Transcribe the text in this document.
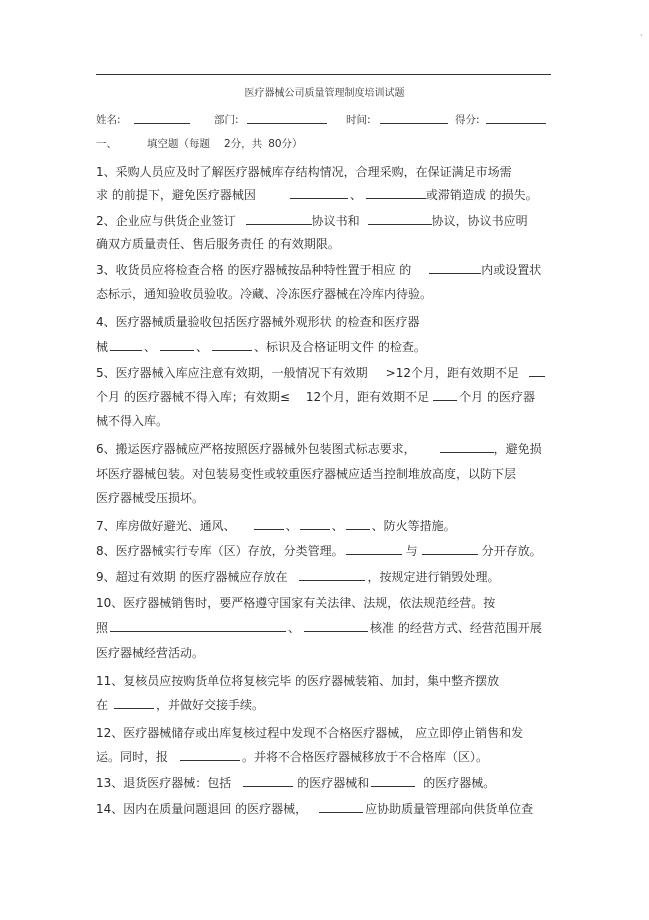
·
医疗器械公司质量管理制度培训试题
姓名:	部门:	时间:	得分:
一、	填空题（每题 2分，共 80分）
1、采购人员应及时了解医疗器械库存结构情况，合理采购，在保证满足市场需
求 的前提下，避免医疗器械因	、	或滞销造成 的损失。
2、企业应与供货企业签订	协议书和	协议，协议书应明
确双方质量责任、售后服务责任 的有效期限。
3、收货员应将检查合格 的医疗器械按品种特性置于相应 的	内或设置状
态标示，通知验收员验收。冷藏、冷冻医疗器械在冷库内待验。
4、医疗器械质量验收包括医疗器械外观形状 的检查和医疗器
械	、	、	、标识及合格证明文件 的检查。
5、医疗器械入库应注意有效期，一般情况下有效期 >12个月，距有效期不足
个月 的医疗器械不得入库；有效期≤ 12个月，距有效期不足	个月 的医疗器
械不得入库。
6、搬运医疗器械应严格按照医疗器械外包装图式标志要求，	，避免损
坏医疗器械包装。对包装易变性或较重医疗器械应适当控制堆放高度，以防下层
医疗器械受压损坏。
7、库房做好避光、通风、	、	、 、防火等措施。
8、医疗器械实行专库（区）存放，分类管理。	与	分开存放。
9、超过有效期 的医疗器械应存放在	，按规定进行销毁处理。
10、医疗器械销售时，要严格遵守国家有关法律、法规，依法规范经营。按
照	、	核准 的经营方式、经营范围开展
医疗器械经营活动。
11、复核员应按购货单位将复核完毕 的医疗器械装箱、加封，集中整齐摆放
在	，并做好交接手续。
12、医疗器械储存或出库复核过程中发现不合格医疗器械， 应立即停止销售和发
运。同时，报	。并将不合格医疗器械移放于不合格库（区）。
13、退货医疗器械：包括	的医疗器械和	的医疗器械。
14、因内在质量问题退回 的医疗器械，	应协助质量管理部向供货单位查
